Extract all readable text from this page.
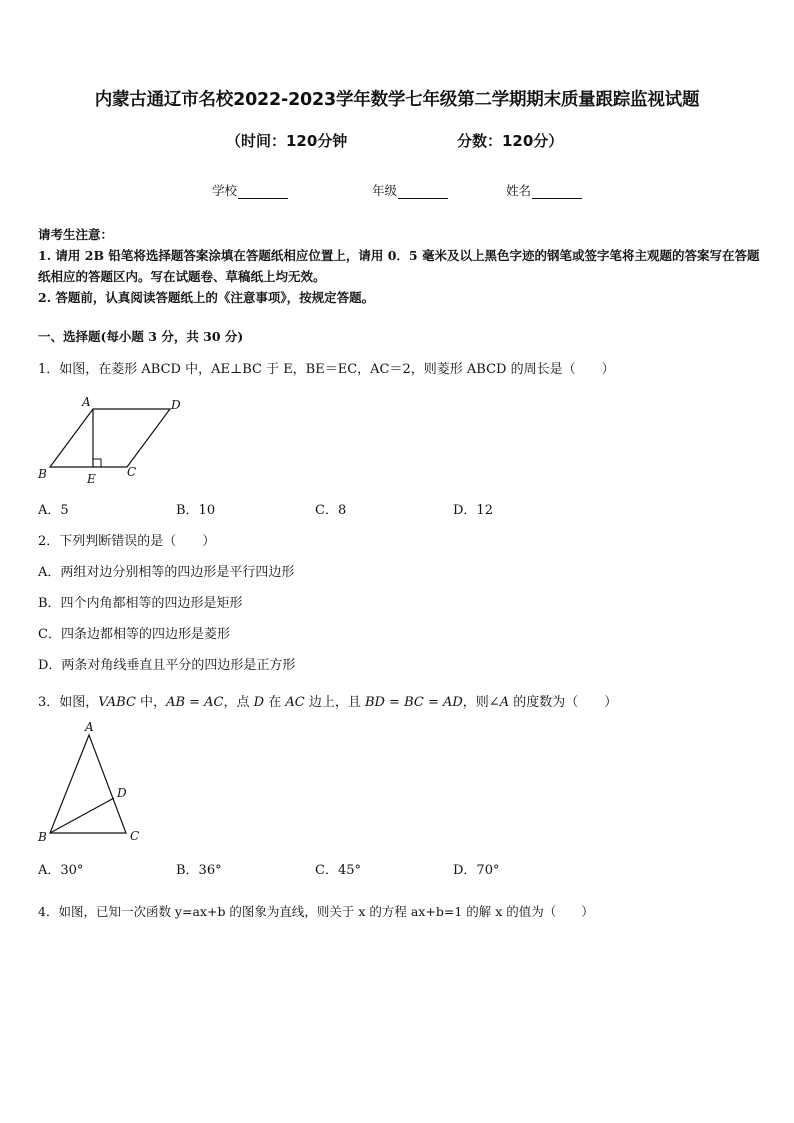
内蒙古通辽市名校2022-2023学年数学七年级第二学期期末质量跟踪监视试题
（时间：120分钟	分数：120分）
学校	年级	姓名

请考生注意：

1. 请用 2B 铅笔将选择题答案涂填在答题纸相应位置上，请用 0．5 毫米及以上黑色字迹的钢笔或签字笔将主观题的答案写在答题纸相应的答题区内。写在试题卷、草稿纸上均无效。

2. 答题前，认真阅读答题纸上的《注意事项》，按规定答题。

一、选择题(每小题 3 分，共 30 分)
1．如图，在菱形 ABCD 中，AE⊥BC 于 E，BE＝EC，AC＝2，则菱形 ABCD 的周长是（　　）
A	D
B	E	C
A．5	B．10	C．8	D．12
2．下列判断错误的是（　　）
A．两组对边分别相等的四边形是平行四边形
B．四个内角都相等的四边形是矩形
C．四条边都相等的四边形是菱形
D．两条对角线垂直且平分的四边形是正方形
3．如图，VABC 中，AB = AC，点 D 在 AC 边上，且 BD = BC = AD，则∠A 的度数为（　　）
A
D
B	C
A．30°	B．36°	C．45°	D．70°
4．如图，已知一次函数 y=ax+b 的图象为直线，则关于 x 的方程 ax+b=1 的解 x 的值为（　　）
